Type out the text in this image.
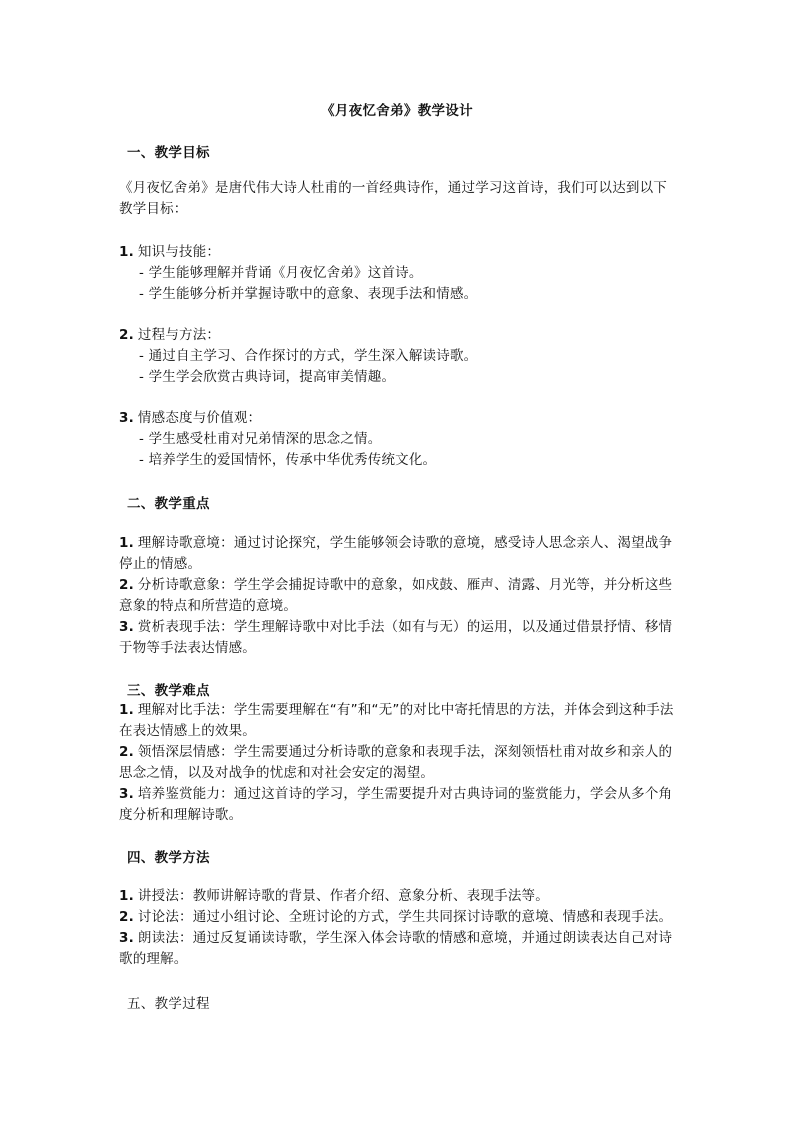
《月夜忆舍弟》教学设计
一、教学目标
《月夜忆舍弟》是唐代伟大诗人杜甫的一首经典诗作，通过学习这首诗，我们可以达到以下教学目标：
1. 知识与技能：
- 学生能够理解并背诵《月夜忆舍弟》这首诗。
- 学生能够分析并掌握诗歌中的意象、表现手法和情感。
2. 过程与方法：
- 通过自主学习、合作探讨的方式，学生深入解读诗歌。
- 学生学会欣赏古典诗词，提高审美情趣。
3. 情感态度与价值观：
- 学生感受杜甫对兄弟情深的思念之情。
- 培养学生的爱国情怀，传承中华优秀传统文化。
二、教学重点
1. 理解诗歌意境：通过讨论探究，学生能够领会诗歌的意境，感受诗人思念亲人、渴望战争停止的情感。
2. 分析诗歌意象：学生学会捕捉诗歌中的意象，如戍鼓、雁声、清露、月光等，并分析这些意象的特点和所营造的意境。
3. 赏析表现手法：学生理解诗歌中对比手法（如有与无）的运用，以及通过借景抒情、移情于物等手法表达情感。
三、教学难点
1. 理解对比手法：学生需要理解在“有”和“无”的对比中寄托情思的方法，并体会到这种手法在表达情感上的效果。
2. 领悟深层情感：学生需要通过分析诗歌的意象和表现手法，深刻领悟杜甫对故乡和亲人的思念之情，以及对战争的忧虑和对社会安定的渴望。
3. 培养鉴赏能力：通过这首诗的学习，学生需要提升对古典诗词的鉴赏能力，学会从多个角度分析和理解诗歌。
四、教学方法
1. 讲授法：教师讲解诗歌的背景、作者介绍、意象分析、表现手法等。
2. 讨论法：通过小组讨论、全班讨论的方式，学生共同探讨诗歌的意境、情感和表现手法。
3. 朗读法：通过反复诵读诗歌，学生深入体会诗歌的情感和意境，并通过朗读表达自己对诗歌的理解。
五、教学过程
